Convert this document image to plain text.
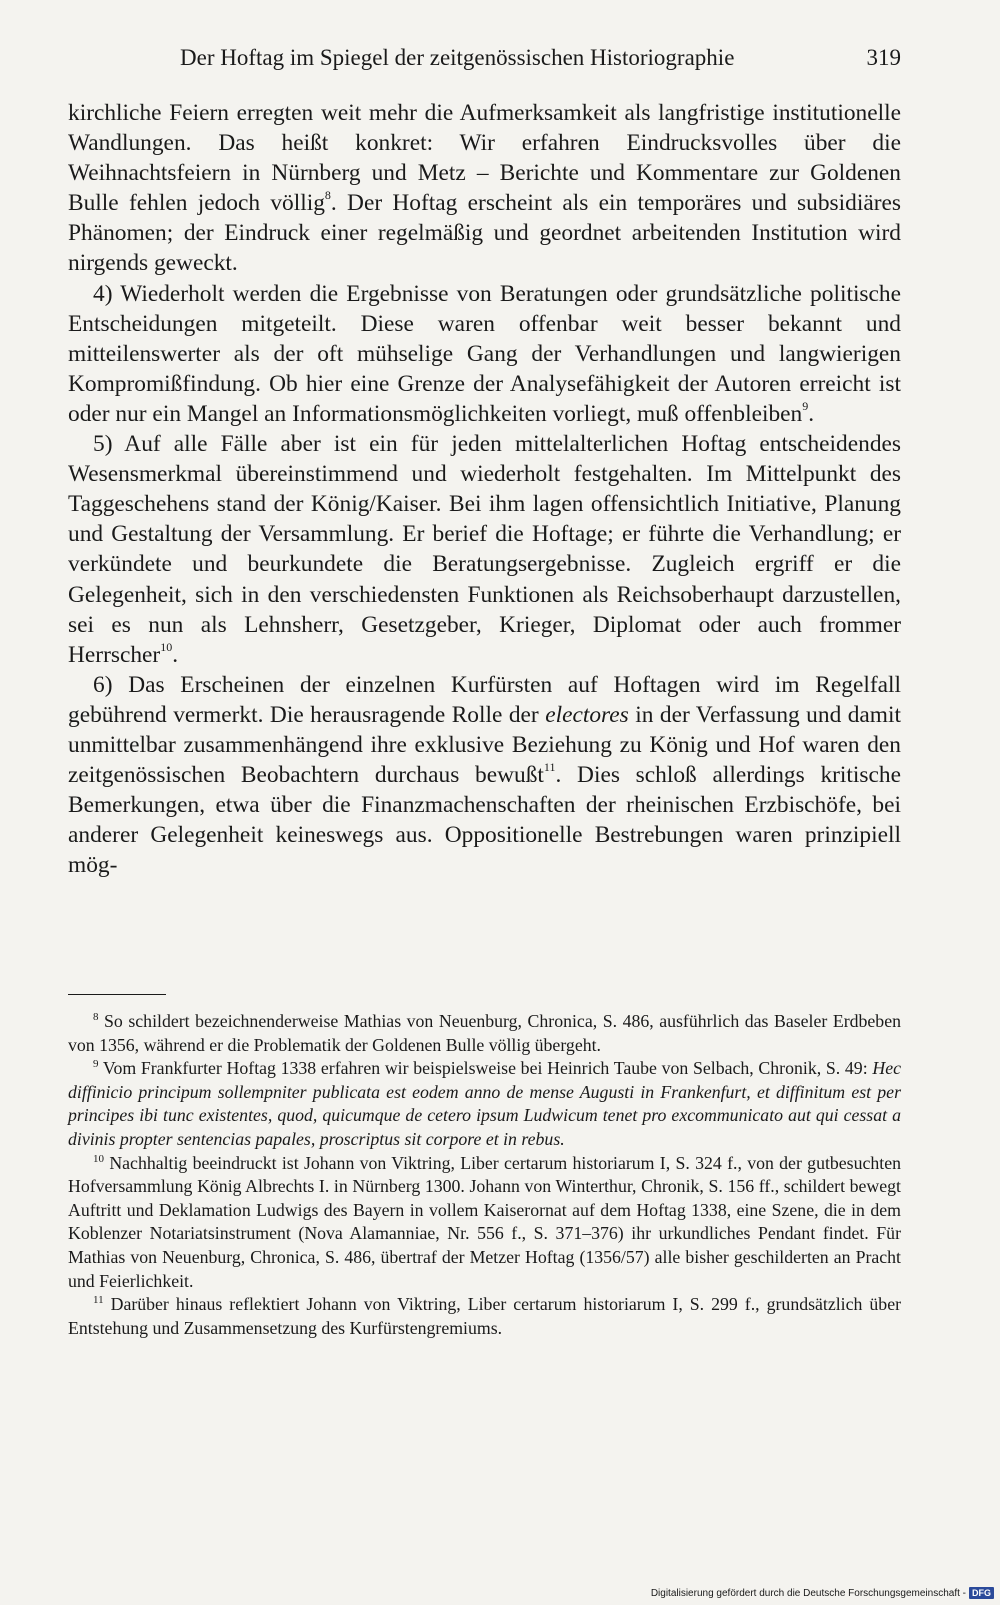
Der Hoftag im Spiegel der zeitgenössischen Historiographie	319

kirchliche Feiern erregten weit mehr die Aufmerksamkeit als langfristige institutionelle Wandlungen. Das heißt konkret: Wir erfahren Eindrucksvolles über die Weihnachtsfeiern in Nürnberg und Metz – Berichte und Kommentare zur Goldenen Bulle fehlen jedoch völlig$^8$. Der Hoftag erscheint als ein temporäres und subsidiäres Phänomen; der Eindruck einer regelmäßig und geordnet arbeitenden Institution wird nirgends geweckt.

4) Wiederholt werden die Ergebnisse von Beratungen oder grundsätzliche politische Entscheidungen mitgeteilt. Diese waren offenbar weit besser bekannt und mitteilenswerter als der oft mühselige Gang der Verhandlungen und langwierigen Kompromißfindung. Ob hier eine Grenze der Analysefähigkeit der Autoren erreicht ist oder nur ein Mangel an Informationsmöglichkeiten vorliegt, muß offenbleiben$^9$.

5) Auf alle Fälle aber ist ein für jeden mittelalterlichen Hoftag entscheidendes Wesensmerkmal übereinstimmend und wiederholt festgehalten. Im Mittelpunkt des Taggeschehens stand der König/Kaiser. Bei ihm lagen offensichtlich Initiative, Planung und Gestaltung der Versammlung. Er berief die Hoftage; er führte die Verhandlung; er verkündete und beurkundete die Beratungsergebnisse. Zugleich ergriff er die Gelegenheit, sich in den verschiedensten Funktionen als Reichsoberhaupt darzustellen, sei es nun als Lehnsherr, Gesetzgeber, Krieger, Diplomat oder auch frommer Herrscher$^{10}$.

6) Das Erscheinen der einzelnen Kurfürsten auf Hoftagen wird im Regelfall gebührend vermerkt. Die herausragende Rolle der electores in der Verfassung und damit unmittelbar zusammenhängend ihre exklusive Beziehung zu König und Hof waren den zeitgenössischen Beobachtern durchaus bewußt$^{11}$. Dies schloß allerdings kritische Bemerkungen, etwa über die Finanzmachenschaften der rheinischen Erzbischöfe, bei anderer Gelegenheit keineswegs aus. Oppositionelle Bestrebungen waren prinzipiell mög-

$^8$ So schildert bezeichnenderweise Mathias von Neuenburg, Chronica, S. 486, ausführlich das Baseler Erdbeben von 1356, während er die Problematik der Goldenen Bulle völlig übergeht.

$^9$ Vom Frankfurter Hoftag 1338 erfahren wir beispielsweise bei Heinrich Taube von Selbach, Chronik, S. 49: Hec diffinicio principum sollempniter publicata est eodem anno de mense Augusti in Frankenfurt, et diffinitum est per principes ibi tunc existentes, quod, quicumque de cetero ipsum Ludwicum tenet pro excommunicato aut qui cessat a divinis propter sentencias papales, proscriptus sit corpore et in rebus.

$^{10}$ Nachhaltig beeindruckt ist Johann von Viktring, Liber certarum historiarum I, S. 324 f., von der gutbesuchten Hofversammlung König Albrechts I. in Nürnberg 1300. Johann von Winterthur, Chronik, S. 156 ff., schildert bewegt Auftritt und Deklamation Ludwigs des Bayern in vollem Kaiserornat auf dem Hoftag 1338, eine Szene, die in dem Koblenzer Notariatsinstrument (Nova Alamanniae, Nr. 556 f., S. 371–376) ihr urkundliches Pendant findet. Für Mathias von Neuenburg, Chronica, S. 486, übertraf der Metzer Hoftag (1356/57) alle bisher geschilderten an Pracht und Feierlichkeit.

$^{11}$ Darüber hinaus reflektiert Johann von Viktring, Liber certarum historiarum I, S. 299 f., grundsätzlich über Entstehung und Zusammensetzung des Kurfürstengremiums.

Digitalisierung gefördert durch die Deutsche Forschungsgemeinschaft - DFG
